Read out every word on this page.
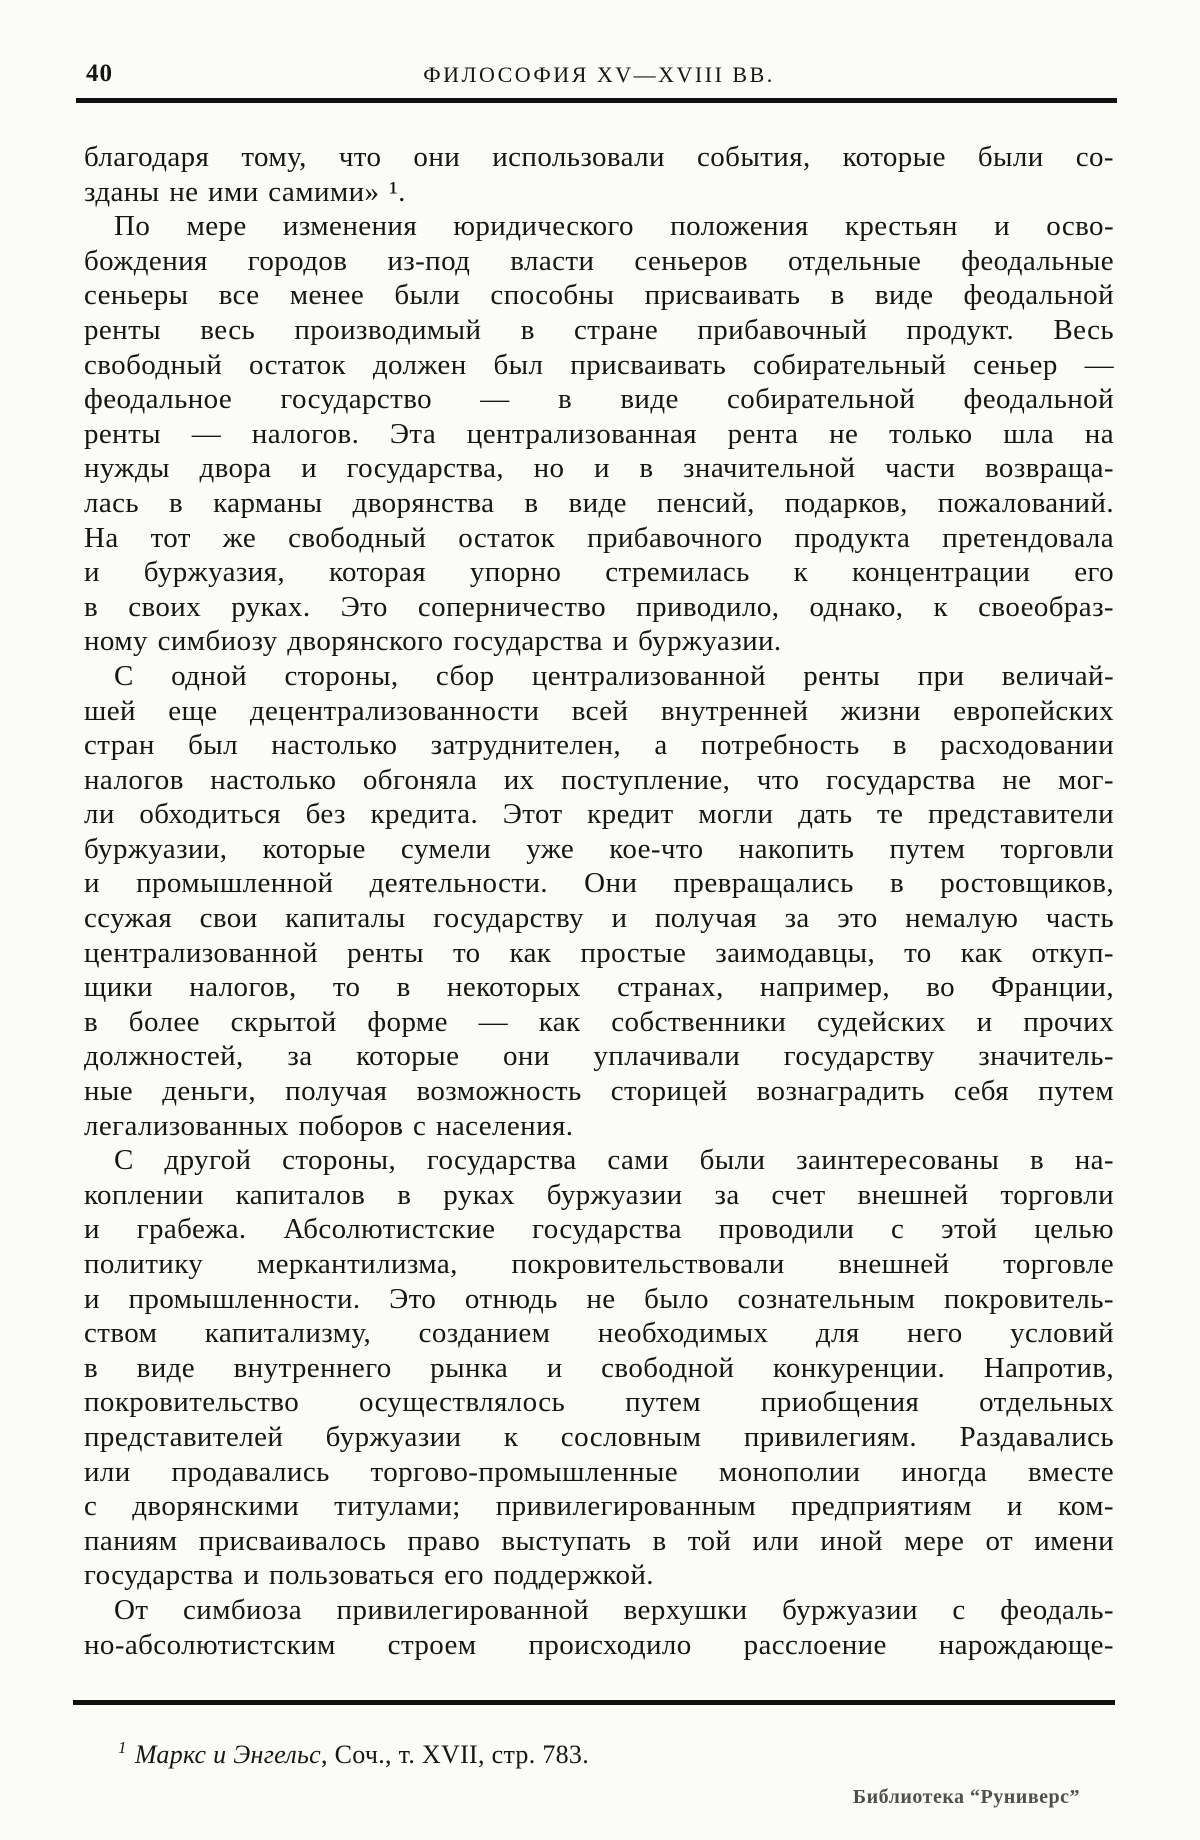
40	ФИЛОСОФИЯ XV—XVIII ВВ.
благодаря тому, что они использовали события, которые были со-
зданы не ими самими» ¹.
По мере изменения юридического положения крестьян и осво-
бождения городов из-под власти сеньеров отдельные феодальные
сеньеры все менее были способны присваивать в виде феодальной
ренты весь производимый в стране прибавочный продукт. Весь
свободный остаток должен был присваивать собирательный сеньер —
феодальное государство — в виде собирательной феодальной
ренты — налогов. Эта централизованная рента не только шла на
нужды двора и государства, но и в значительной части возвраща-
лась в карманы дворянства в виде пенсий, подарков, пожалований.
На тот же свободный остаток прибавочного продукта претендовала
и буржуазия, которая упорно стремилась к концентрации его
в своих руках. Это соперничество приводило, однако, к своеобраз-
ному симбиозу дворянского государства и буржуазии.
С одной стороны, сбор централизованной ренты при величай-
шей еще децентрализованности всей внутренней жизни европейских
стран был настолько затруднителен, а потребность в расходовании
налогов настолько обгоняла их поступление, что государства не мог-
ли обходиться без кредита. Этот кредит могли дать те представители
буржуазии, которые сумели уже кое-что накопить путем торговли
и промышленной деятельности. Они превращались в ростовщиков,
ссужая свои капиталы государству и получая за это немалую часть
централизованной ренты то как простые заимодавцы, то как откуп-
щики налогов, то в некоторых странах, например, во Франции,
в более скрытой форме — как собственники судейских и прочих
должностей, за которые они уплачивали государству значитель-
ные деньги, получая возможность сторицей вознаградить себя путем
легализованных поборов с населения.
С другой стороны, государства сами были заинтересованы в на-
коплении капиталов в руках буржуазии за счет внешней торговли
и грабежа. Абсолютистские государства проводили с этой целью
политику меркантилизма, покровительствовали внешней торговле
и промышленности. Это отнюдь не было сознательным покровитель-
ством капитализму, созданием необходимых для него условий
в виде внутреннего рынка и свободной конкуренции. Напротив,
покровительство осуществлялось путем приобщения отдельных
представителей буржуазии к сословным привилегиям. Раздавались
или продавались торгово-промышленные монополии иногда вместе
с дворянскими титулами; привилегированным предприятиям и ком-
паниям присваивалось право выступать в той или иной мере от имени
государства и пользоваться его поддержкой.
От симбиоза привилегированной верхушки буржуазии с феодаль-
но-абсолютистским строем происходило расслоение нарождающе-
$^1$ Маркс и Энгельс, Соч., т. XVII, стр. 783.
Библиотека “Руниверс”
